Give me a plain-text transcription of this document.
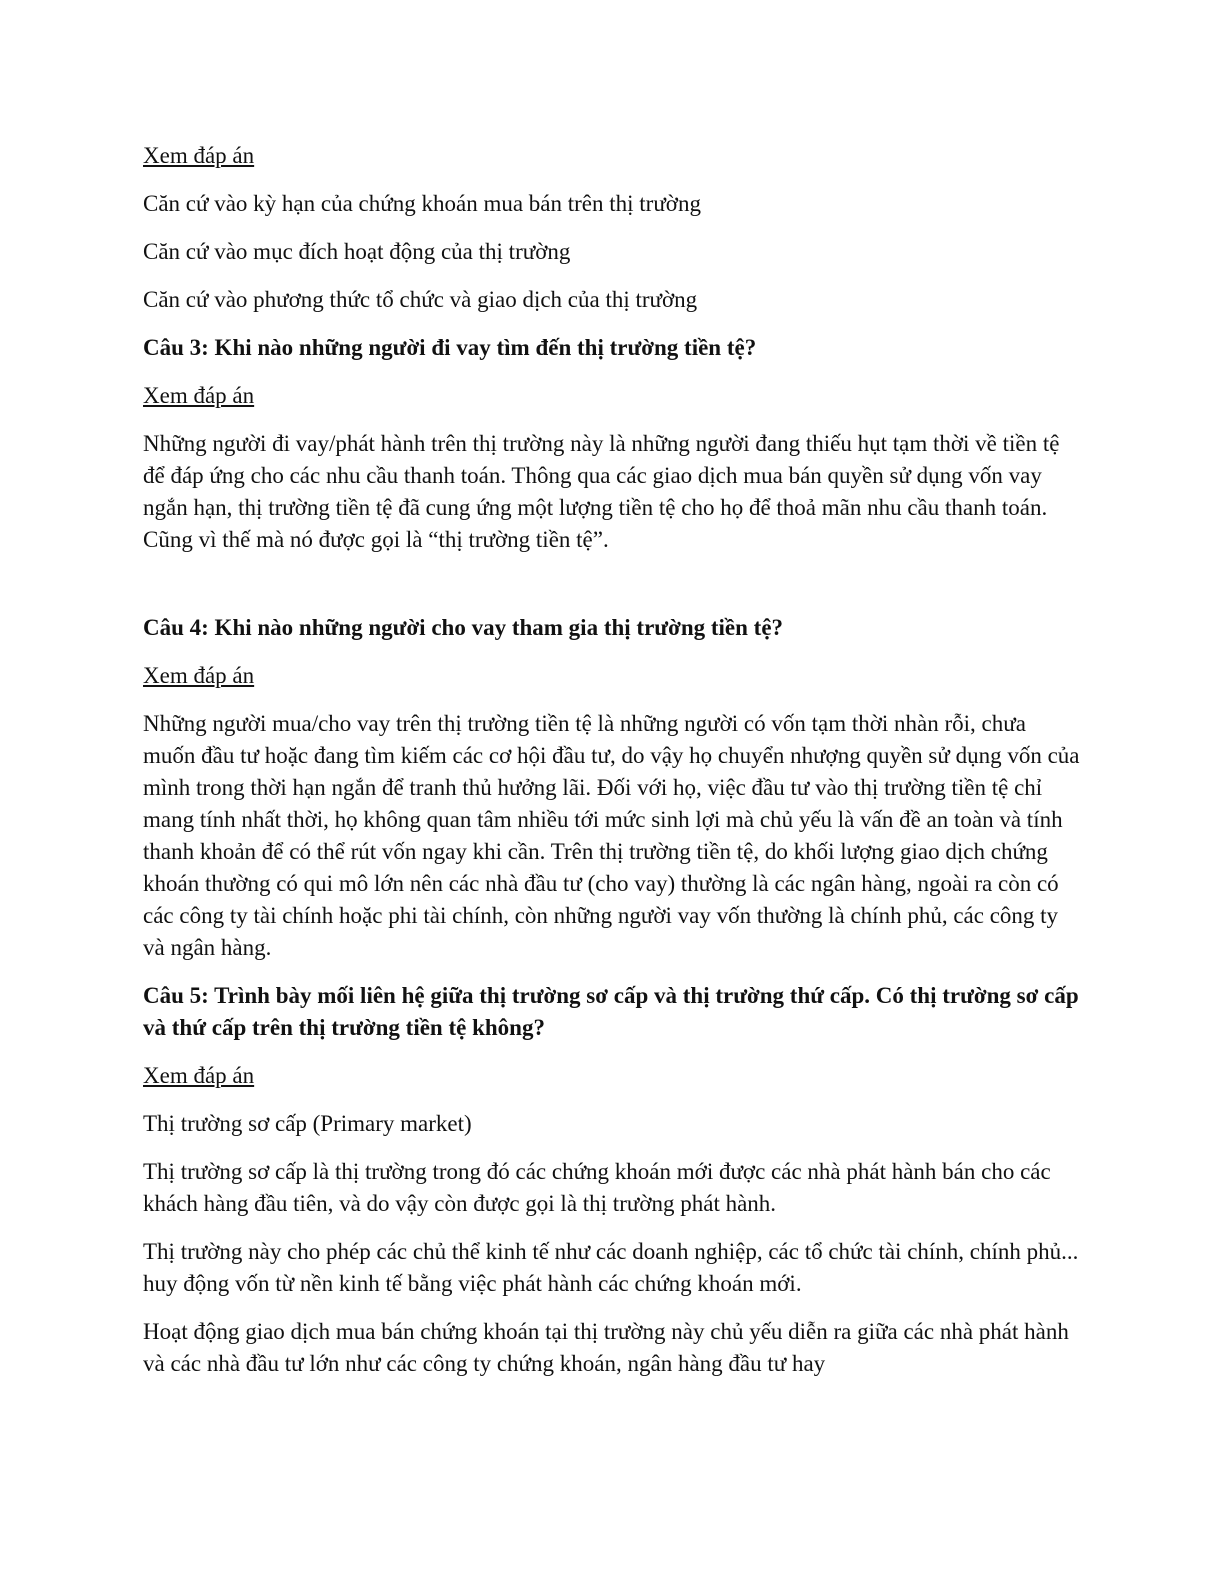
Xem đáp án

Căn cứ vào kỳ hạn của chứng khoán mua bán trên thị trường

Căn cứ vào mục đích hoạt động của thị trường

Căn cứ vào phương thức tổ chức và giao dịch của thị trường

Câu 3: Khi nào những người đi vay tìm đến thị trường tiền tệ?

Xem đáp án

Những người đi vay/phát hành trên thị trường này là những người đang thiếu hụt tạm thời về tiền tệ để đáp ứng cho các nhu cầu thanh toán. Thông qua các giao dịch mua bán quyền sử dụng vốn vay ngắn hạn, thị trường tiền tệ đã cung ứng một lượng tiền tệ cho họ để thoả mãn nhu cầu thanh toán. Cũng vì thế mà nó được gọi là “thị trường tiền tệ”.

Câu 4: Khi nào những người cho vay tham gia thị trường tiền tệ?

Xem đáp án

Những người mua/cho vay trên thị trường tiền tệ là những người có vốn tạm thời nhàn rỗi, chưa muốn đầu tư hoặc đang tìm kiếm các cơ hội đầu tư, do vậy họ chuyển nhượng quyền sử dụng vốn của mình trong thời hạn ngắn để tranh thủ hưởng lãi. Đối với họ, việc đầu tư vào thị trường tiền tệ chỉ mang tính nhất thời, họ không quan tâm nhiều tới mức sinh lợi mà chủ yếu là vấn đề an toàn và tính thanh khoản để có thể rút vốn ngay khi cần. Trên thị trường tiền tệ, do khối lượng giao dịch chứng khoán thường có qui mô lớn nên các nhà đầu tư (cho vay) thường là các ngân hàng, ngoài ra còn có các công ty tài chính hoặc phi tài chính, còn những người vay vốn thường là chính phủ, các công ty và ngân hàng.

Câu 5: Trình bày mối liên hệ giữa thị trường sơ cấp và thị trường thứ cấp. Có thị trường sơ cấp và thứ cấp trên thị trường tiền tệ không?

Xem đáp án

Thị trường sơ cấp (Primary market)

Thị trường sơ cấp là thị trường trong đó các chứng khoán mới được các nhà phát hành bán cho các khách hàng đầu tiên, và do vậy còn được gọi là thị trường phát hành.

Thị trường này cho phép các chủ thể kinh tế như các doanh nghiệp, các tổ chức tài chính, chính phủ... huy động vốn từ nền kinh tế bằng việc phát hành các chứng khoán mới.

Hoạt động giao dịch mua bán chứng khoán tại thị trường này chủ yếu diễn ra giữa các nhà phát hành và các nhà đầu tư lớn như các công ty chứng khoán, ngân hàng đầu tư hay
